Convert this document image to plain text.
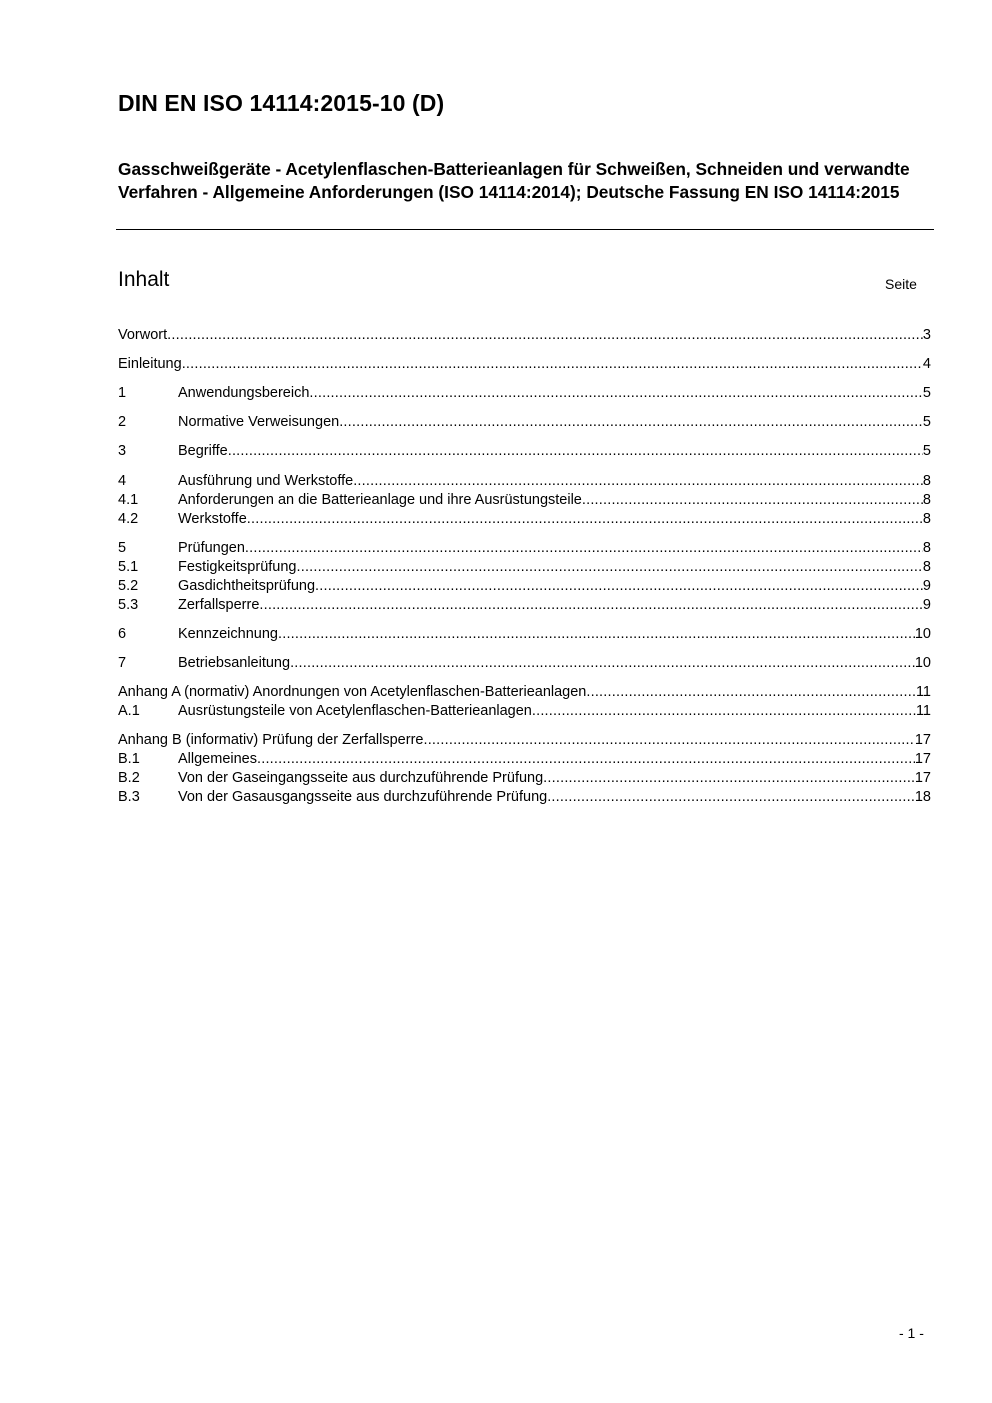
DIN EN ISO 14114:2015-10 (D)
Gasschweißgeräte - Acetylenflaschen-Batterieanlagen für Schweißen, Schneiden und verwandte Verfahren - Allgemeine Anforderungen (ISO 14114:2014); Deutsche Fassung EN ISO 14114:2015
Inhalt	Seite
Vorwort .....	3
Einleitung .....	4
1	Anwendungsbereich .....	5
2	Normative Verweisungen .....	5
3	Begriffe .....	5
4	Ausführung und Werkstoffe .....	8
4.1	Anforderungen an die Batterieanlage und ihre Ausrüstungsteile .....	8
4.2	Werkstoffe .....	8
5	Prüfungen .....	8
5.1	Festigkeitsprüfung .....	8
5.2	Gasdichtheitsprüfung .....	9
5.3	Zerfallsperre .....	9
6	Kennzeichnung .....	10
7	Betriebsanleitung .....	10
Anhang A (normativ) Anordnungen von Acetylenflaschen-Batterieanlagen .....	11
A.1	Ausrüstungsteile von Acetylenflaschen-Batterieanlagen .....	11
Anhang B (informativ) Prüfung der Zerfallsperre .....	17
B.1	Allgemeines .....	17
B.2	Von der Gaseingangsseite aus durchzuführende Prüfung .....	17
B.3	Von der Gasausgangsseite aus durchzuführende Prüfung .....	18
- 1 -
